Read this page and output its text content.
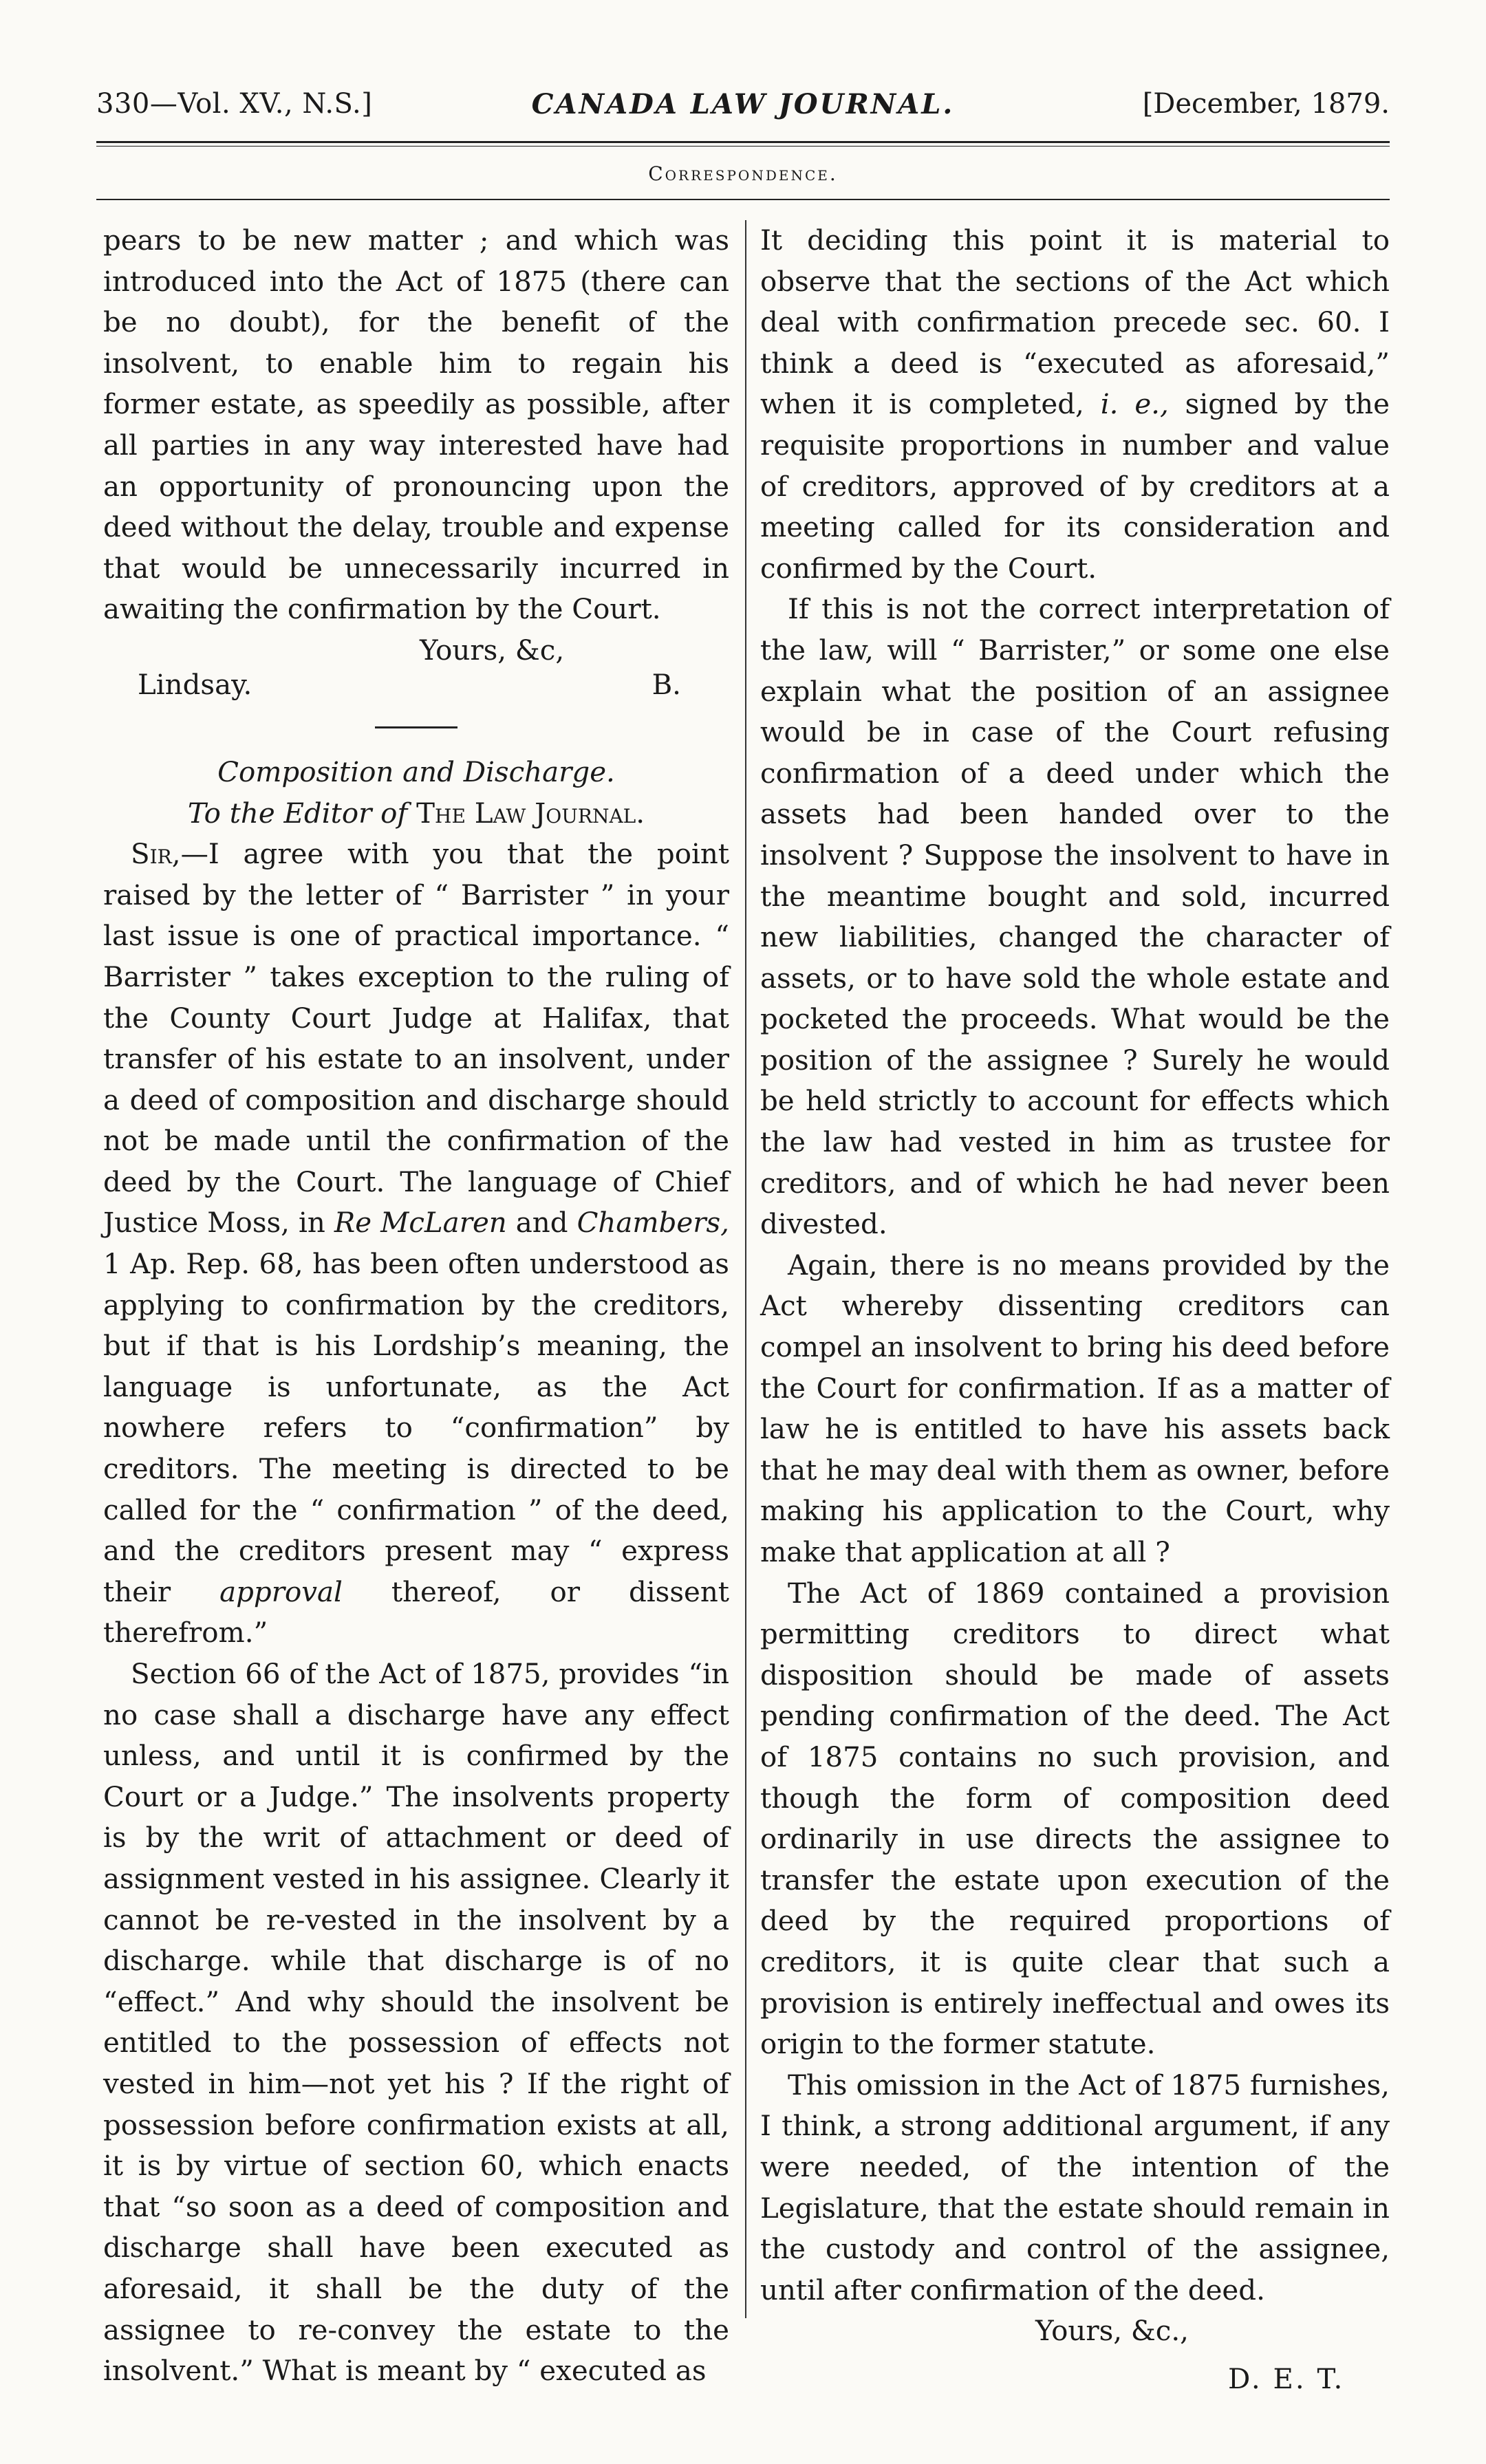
330—Vol. XV., N.S.]	CANADA LAW JOURNAL.	[December, 1879.
Correspondence.

pears to be new matter ; and which was introduced into the Act of 1875 (there can be no doubt), for the benefit of the insolvent, to enable him to regain his former estate, as speedily as possible, after all parties in any way interested have had an opportunity of pronouncing upon the deed without the delay, trouble and expense that would be unnecessarily incurred in awaiting the confirmation by the Court.

Yours, &c,
Lindsay.	B.

Composition and Discharge.

To the Editor of The Law Journal.

Sir,—I agree with you that the point raised by the letter of “ Barrister ” in your last issue is one of practical importance. “ Barrister ” takes exception to the ruling of the County Court Judge at Halifax, that transfer of his estate to an insolvent, under a deed of composition and discharge should not be made until the confirmation of the deed by the Court. The language of Chief Justice Moss, in Re McLaren and Chambers, 1 Ap. Rep. 68, has been often understood as applying to confirmation by the creditors, but if that is his Lordship’s meaning, the language is unfortunate, as the Act nowhere refers to “confirmation” by creditors. The meeting is directed to be called for the “ confirmation ” of the deed, and the creditors present may “ express their approval thereof, or dissent therefrom.”

Section 66 of the Act of 1875, provides “in no case shall a discharge have any effect unless, and until it is confirmed by the Court or a Judge.” The insolvents property is by the writ of attachment or deed of assignment vested in his assignee. Clearly it cannot be re-vested in the insolvent by a discharge. while that discharge is of no “effect.” And why should the insolvent be entitled to the possession of effects not vested in him—not yet his ? If the right of possession before confirmation exists at all, it is by virtue of section 60, which enacts that “so soon as a deed of composition and discharge shall have been executed as aforesaid, it shall be the duty of the assignee to re-convey the estate to the insolvent.” What is meant by “ executed as

It deciding this point it is material to observe that the sections of the Act which deal with confirmation precede sec. 60. I think a deed is “executed as aforesaid,” when it is completed, i. e., signed by the requisite proportions in number and value of creditors, approved of by creditors at a meeting called for its consideration and confirmed by the Court.

If this is not the correct interpretation of the law, will “ Barrister,” or some one else explain what the position of an assignee would be in case of the Court refusing confirmation of a deed under which the assets had been handed over to the insolvent ? Suppose the insolvent to have in the meantime bought and sold, incurred new liabilities, changed the character of assets, or to have sold the whole estate and pocketed the proceeds. What would be the position of the assignee ? Surely he would be held strictly to account for effects which the law had vested in him as trustee for creditors, and of which he had never been divested.

Again, there is no means provided by the Act whereby dissenting creditors can compel an insolvent to bring his deed before the Court for confirmation. If as a matter of law he is entitled to have his assets back that he may deal with them as owner, before making his application to the Court, why make that application at all ?

The Act of 1869 contained a provision permitting creditors to direct what disposition should be made of assets pending confirmation of the deed. The Act of 1875 contains no such provision, and though the form of composition deed ordinarily in use directs the assignee to transfer the estate upon execution of the deed by the required proportions of creditors, it is quite clear that such a provision is entirely ineffectual and owes its origin to the former statute.

This omission in the Act of 1875 furnishes, I think, a strong additional argument, if any were needed, of the intention of the Legislature, that the estate should remain in the custody and control of the assignee, until after confirmation of the deed.

Yours, &c.,
D. E. T.
